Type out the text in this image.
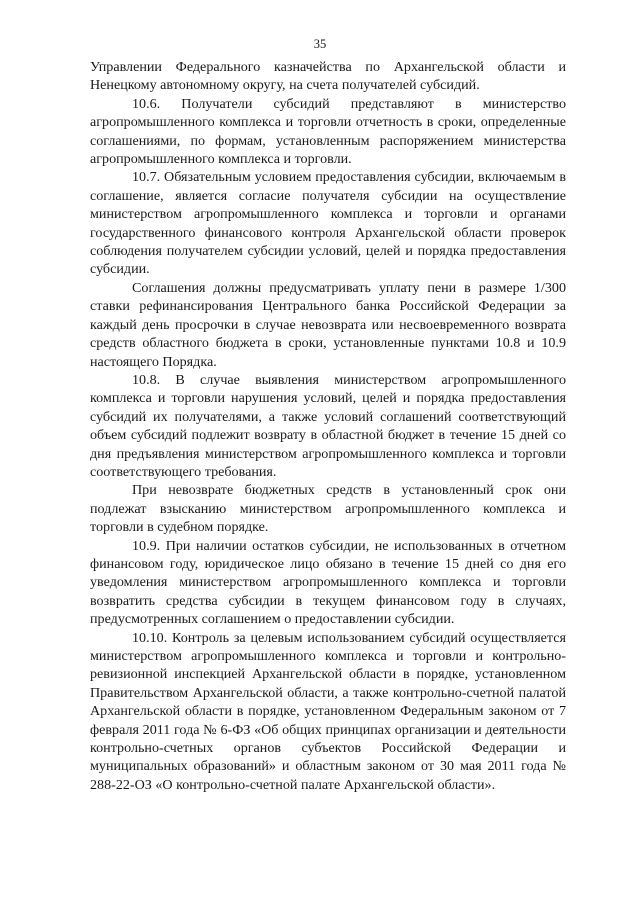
35

Управлении Федерального казначейства по Архангельской области и Ненецкому автономному округу, на счета получателей субсидий.

10.6. Получатели субсидий представляют в министерство агропромышленного комплекса и торговли отчетность в сроки, определенные соглашениями, по формам, установленным распоряжением министерства агропромышленного комплекса и торговли.

10.7. Обязательным условием предоставления субсидии, включаемым в соглашение, является согласие получателя субсидии на осуществление министерством агропромышленного комплекса и торговли и органами государственного финансового контроля Архангельской области проверок соблюдения получателем субсидии условий, целей и порядка предоставления субсидии.

Соглашения должны предусматривать уплату пени в размере 1/300 ставки рефинансирования Центрального банка Российской Федерации за каждый день просрочки в случае невозврата или несвоевременного возврата средств областного бюджета в сроки, установленные пунктами 10.8 и 10.9 настоящего Порядка.

10.8. В случае выявления министерством агропромышленного комплекса и торговли нарушения условий, целей и порядка предоставления субсидий их получателями, а также условий соглашений соответствующий объем субсидий подлежит возврату в областной бюджет в течение 15 дней со дня предъявления министерством агропромышленного комплекса и торговли соответствующего требования.

При невозврате бюджетных средств в установленный срок они подлежат взысканию министерством агропромышленного комплекса и торговли в судебном порядке.

10.9. При наличии остатков субсидии, не использованных в отчетном финансовом году, юридическое лицо обязано в течение 15 дней со дня его уведомления министерством агропромышленного комплекса и торговли возвратить средства субсидии в текущем финансовом году в случаях, предусмотренных соглашением о предоставлении субсидии.

10.10. Контроль за целевым использованием субсидий осуществляется министерством агропромышленного комплекса и торговли и контрольно-ревизионной инспекцией Архангельской области в порядке, установленном Правительством Архангельской области, а также контрольно-счетной палатой Архангельской области в порядке, установленном Федеральным законом от 7 февраля 2011 года № 6-ФЗ «Об общих принципах организации и деятельности контрольно-счетных органов субъектов Российской Федерации и муниципальных образований» и областным законом от 30 мая 2011 года № 288-22-ОЗ «О контрольно-счетной палате Архангельской области».
